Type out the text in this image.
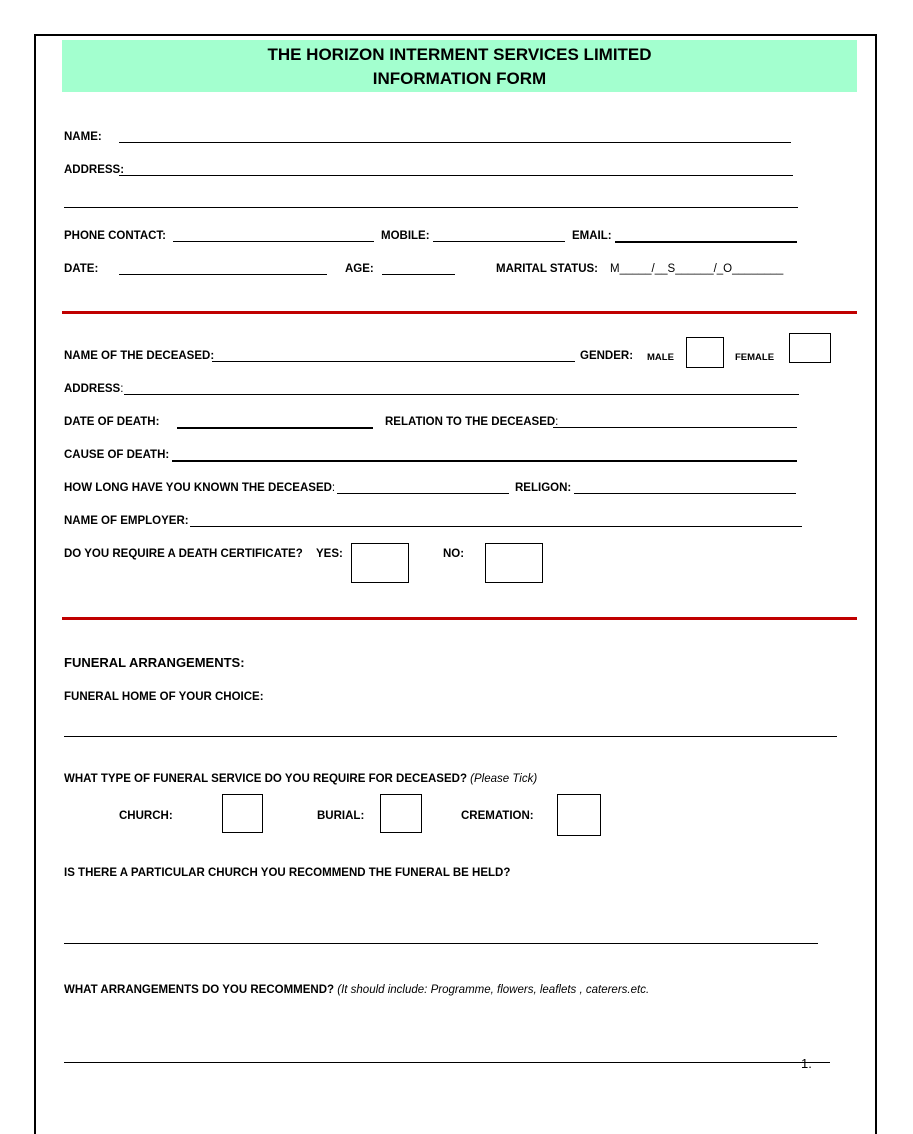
THE HORIZON INTERMENT SERVICES LIMITED
INFORMATION FORM
NAME:
ADDRESS:
PHONE CONTACT:	MOBILE:	EMAIL:
DATE:	AGE:	MARITAL STATUS: M_____/__S______/_O________
NAME OF THE DECEASED:	GENDER: MALE	FEMALE
ADDRESS:
DATE OF DEATH:	RELATION TO THE DECEASED:
CAUSE OF DEATH:
HOW LONG HAVE YOU KNOWN THE DECEASED:	RELIGON:
NAME OF EMPLOYER:
DO YOU REQUIRE A DEATH CERTIFICATE? YES:	NO:
FUNERAL ARRANGEMENTS:
FUNERAL HOME OF YOUR CHOICE:
WHAT TYPE OF FUNERAL SERVICE DO YOU REQUIRE FOR DECEASED? (Please Tick)
CHURCH:	BURIAL:	CREMATION:
IS THERE A PARTICULAR CHURCH YOU RECOMMEND THE FUNERAL BE HELD?
WHAT ARRANGEMENTS DO YOU RECOMMEND? (It should include: Programme, flowers, leaflets , caterers.etc.
1.
